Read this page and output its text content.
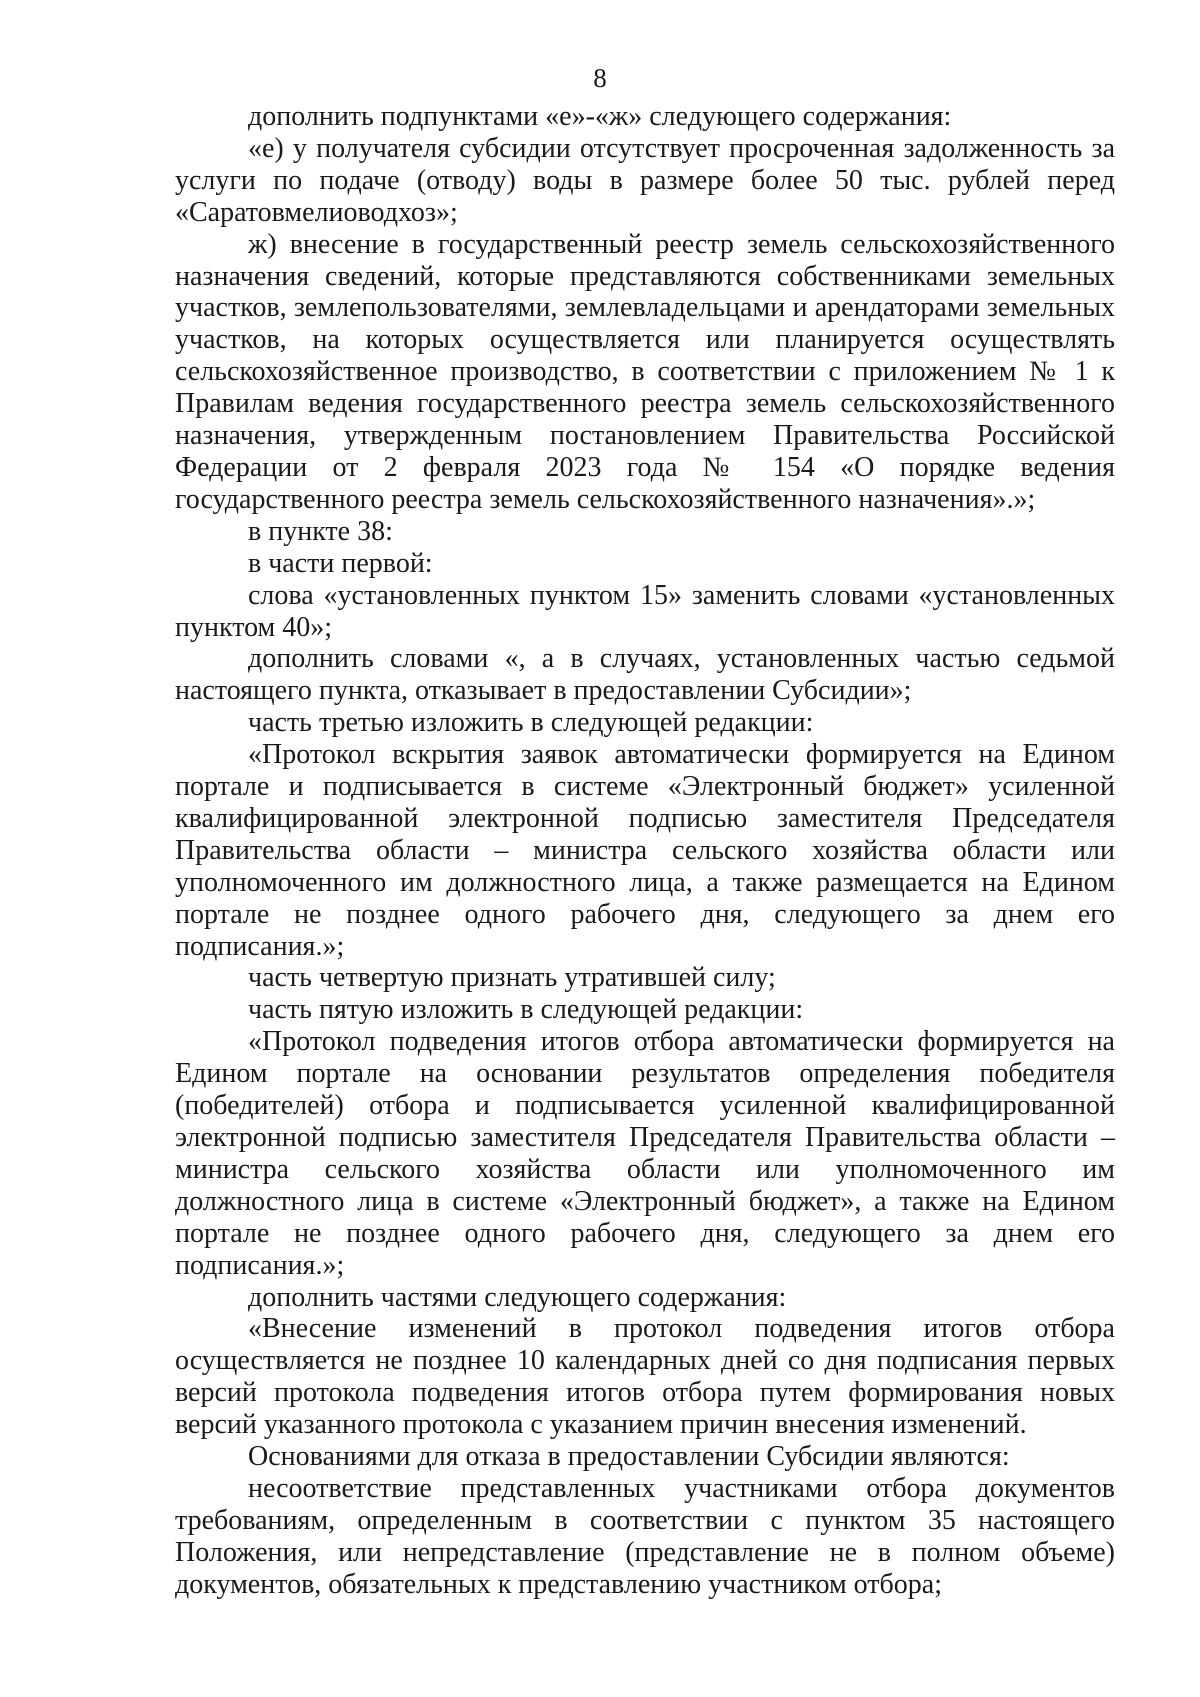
8

дополнить подпунктами «е»-«ж» следующего содержания:

«е) у получателя субсидии отсутствует просроченная задолженность за услуги по подаче (отводу) воды в размере более 50 тыс. рублей перед «Саратовмелиоводхоз»;

ж) внесение в государственный реестр земель сельскохозяйственного назначения сведений, которые представляются собственниками земельных участков, землепользователями, землевладельцами и арендаторами земельных участков, на которых осуществляется или планируется осуществлять сельскохозяйственное производство, в соответствии с приложением № 1 к Правилам ведения государственного реестра земель сельскохозяйственного назначения, утвержденным постановлением Правительства Российской Федерации от 2 февраля 2023 года № 154 «О порядке ведения государственного реестра земель сельскохозяйственного назначения».»;

в пункте 38:

в части первой:

слова «установленных пунктом 15» заменить словами «установленных пунктом 40»;

дополнить словами «, а в случаях, установленных частью седьмой настоящего пункта, отказывает в предоставлении Субсидии»;

часть третью изложить в следующей редакции:

«Протокол вскрытия заявок автоматически формируется на Едином портале и подписывается в системе «Электронный бюджет» усиленной квалифицированной электронной подписью заместителя Председателя Правительства области – министра сельского хозяйства области или уполномоченного им должностного лица, а также размещается на Едином портале не позднее одного рабочего дня, следующего за днем его подписания.»;

часть четвертую признать утратившей силу;

часть пятую изложить в следующей редакции:

«Протокол подведения итогов отбора автоматически формируется на Едином портале на основании результатов определения победителя (победителей) отбора и подписывается усиленной квалифицированной электронной подписью заместителя Председателя Правительства области – министра сельского хозяйства области или уполномоченного им должностного лица в системе «Электронный бюджет», а также на Едином портале не позднее одного рабочего дня, следующего за днем его подписания.»;

дополнить частями следующего содержания:

«Внесение изменений в протокол подведения итогов отбора осуществляется не позднее 10 календарных дней со дня подписания первых версий протокола подведения итогов отбора путем формирования новых версий указанного протокола с указанием причин внесения изменений.

Основаниями для отказа в предоставлении Субсидии являются:

несоответствие представленных участниками отбора документов требованиям, определенным в соответствии с пунктом 35 настоящего Положения, или непредставление (представление не в полном объеме) документов, обязательных к представлению участником отбора;
